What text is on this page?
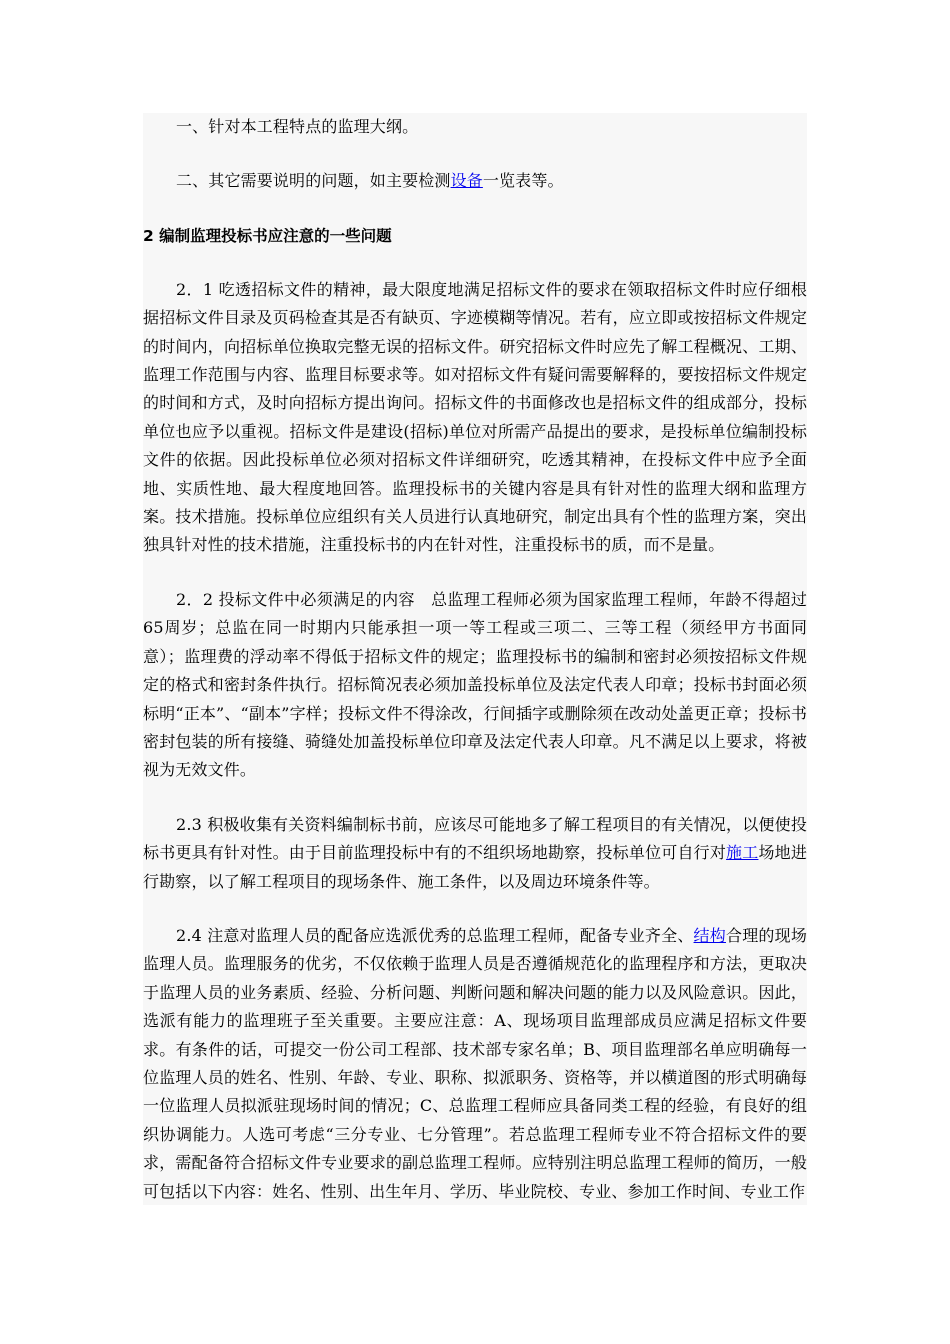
一、针对本工程特点的监理大纲。

二、其它需要说明的问题，如主要检测设备一览表等。

2 编制监理投标书应注意的一些问题

2．1 吃透招标文件的精神，最大限度地满足招标文件的要求在领取招标文件时应仔细根据招标文件目录及页码检查其是否有缺页、字迹模糊等情况。若有，应立即或按招标文件规定的时间内，向招标单位换取完整无误的招标文件。研究招标文件时应先了解工程概况、工期、监理工作范围与内容、监理目标要求等。如对招标文件有疑问需要解释的，要按招标文件规定的时间和方式，及时向招标方提出询问。招标文件的书面修改也是招标文件的组成部分，投标单位也应予以重视。招标文件是建设(招标)单位对所需产品提出的要求，是投标单位编制投标文件的依据。因此投标单位必须对招标文件详细研究，吃透其精神，在投标文件中应予全面地、实质性地、最大程度地回答。监理投标书的关键内容是具有针对性的监理大纲和监理方案。技术措施。投标单位应组织有关人员进行认真地研究，制定出具有个性的监理方案，突出独具针对性的技术措施，注重投标书的内在针对性，注重投标书的质，而不是量。

2．2 投标文件中必须满足的内容　总监理工程师必须为国家监理工程师，年龄不得超过65周岁；总监在同一时期内只能承担一项一等工程或三项二、三等工程（须经甲方书面同意）；监理费的浮动率不得低于招标文件的规定；监理投标书的编制和密封必须按招标文件规定的格式和密封条件执行。招标简况表必须加盖投标单位及法定代表人印章；投标书封面必须标明“正本”、“副本”字样；投标文件不得涂改，行间插字或删除须在改动处盖更正章；投标书密封包装的所有接缝、骑缝处加盖投标单位印章及法定代表人印章。凡不满足以上要求，将被视为无效文件。

2.3 积极收集有关资料编制标书前，应该尽可能地多了解工程项目的有关情况，以便使投标书更具有针对性。由于目前监理投标中有的不组织场地勘察，投标单位可自行对施工场地进行勘察，以了解工程项目的现场条件、施工条件，以及周边环境条件等。

2.4 注意对监理人员的配备应选派优秀的总监理工程师，配备专业齐全、结构合理的现场监理人员。监理服务的优劣，不仅依赖于监理人员是否遵循规范化的监理程序和方法，更取决于监理人员的业务素质、经验、分析问题、判断问题和解决问题的能力以及风险意识。因此，选派有能力的监理班子至关重要。主要应注意：A、现场项目监理部成员应满足招标文件要求。有条件的话，可提交一份公司工程部、技术部专家名单；B、项目监理部名单应明确每一位监理人员的姓名、性别、年龄、专业、职称、拟派职务、资格等，并以横道图的形式明确每一位监理人员拟派驻现场时间的情况；C、总监理工程师应具备同类工程的经验，有良好的组织协调能力。人选可考虑“三分专业、七分管理”。若总监理工程师专业不符合招标文件的要求，需配备符合招标文件专业要求的副总监理工程师。应特别注明总监理工程师的简历，一般可包括以下内容：姓名、性别、出生年月、学历、毕业院校、专业、参加工作时间、专业工作
